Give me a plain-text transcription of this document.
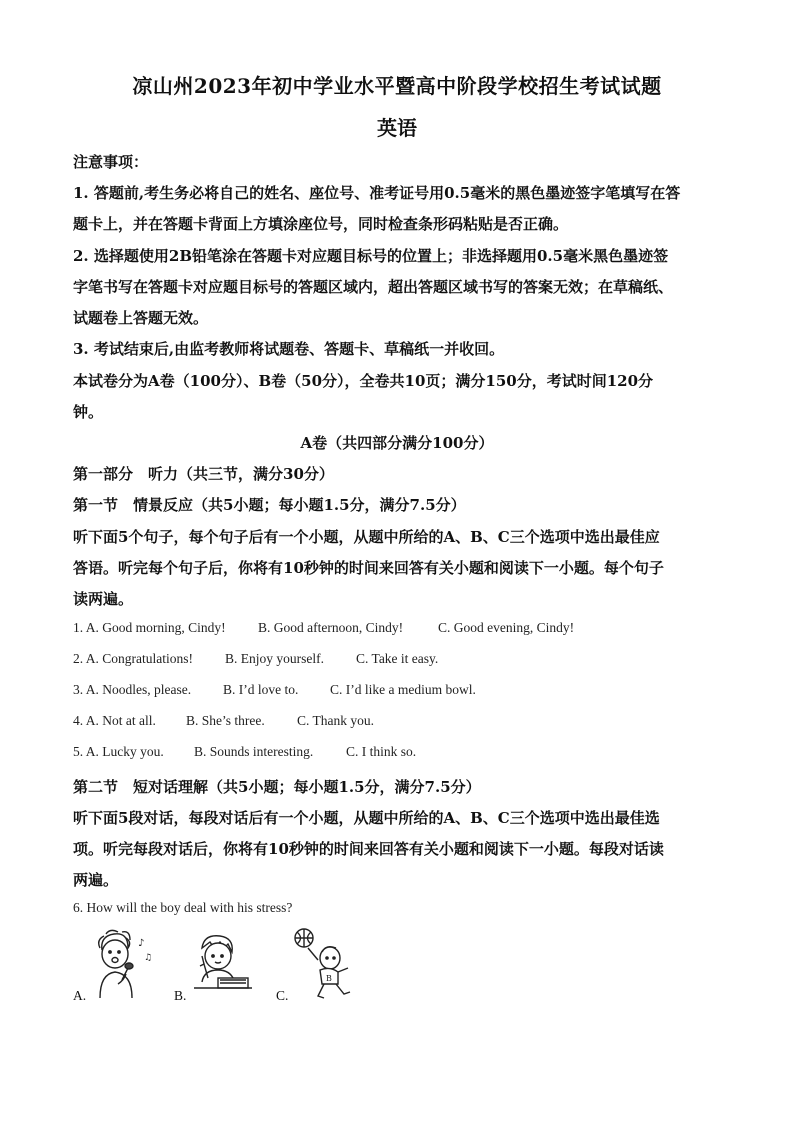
凉山州2023年初中学业水平暨高中阶段学校招生考试试题
英语
注意事项：
1. 答题前,考生务必将自己的姓名、座位号、准考证号用0.5毫米的黑色墨迹签字笔填写在答
题卡上，并在答题卡背面上方填涂座位号，同时检查条形码粘贴是否正确。
2. 选择题使用2B铅笔涂在答题卡对应题目标号的位置上；非选择题用0.5毫米黑色墨迹签
字笔书写在答题卡对应题目标号的答题区域内，超出答题区域书写的答案无效；在草稿纸、
试题卷上答题无效。
3. 考试结束后,由监考教师将试题卷、答题卡、草稿纸一并收回。
本试卷分为A卷（100分）、B卷（50分），全卷共10页；满分150分，考试时间120分
钟。
A卷（共四部分满分100分）
第一部分　听力（共三节，满分30分）
第一节　情景反应（共5小题；每小题1.5分，满分7.5分）
听下面5个句子，每个句子后有一个小题，从题中所给的A、B、C三个选项中选出最佳应
答语。听完每个句子后，你将有10秒钟的时间来回答有关小题和阅读下一小题。每个句子
读两遍。
1. A. Good morning, Cindy! B. Good afternoon, Cindy!	C. Good evening, Cindy!
2. A. Congratulations! B. Enjoy yourself. C. Take it easy.
3. A. Noodles, please. B. I’d love to. C. I’d like a medium bowl.
4. A. Not at all. B. She’s three. C. Thank you.
5. A. Lucky you. B. Sounds interesting. C. I think so.
第二节　短对话理解（共5小题；每小题1.5分，满分7.5分）
听下面5段对话，每段对话后有一个小题，从题中所给的A、B、C三个选项中选出最佳选
项。听完每段对话后，你将有10秒钟的时间来回答有关小题和阅读下一小题。每段对话读
两遍。
6. How will the boy deal with his stress?
♪
♫
A.	B.
B
C.
